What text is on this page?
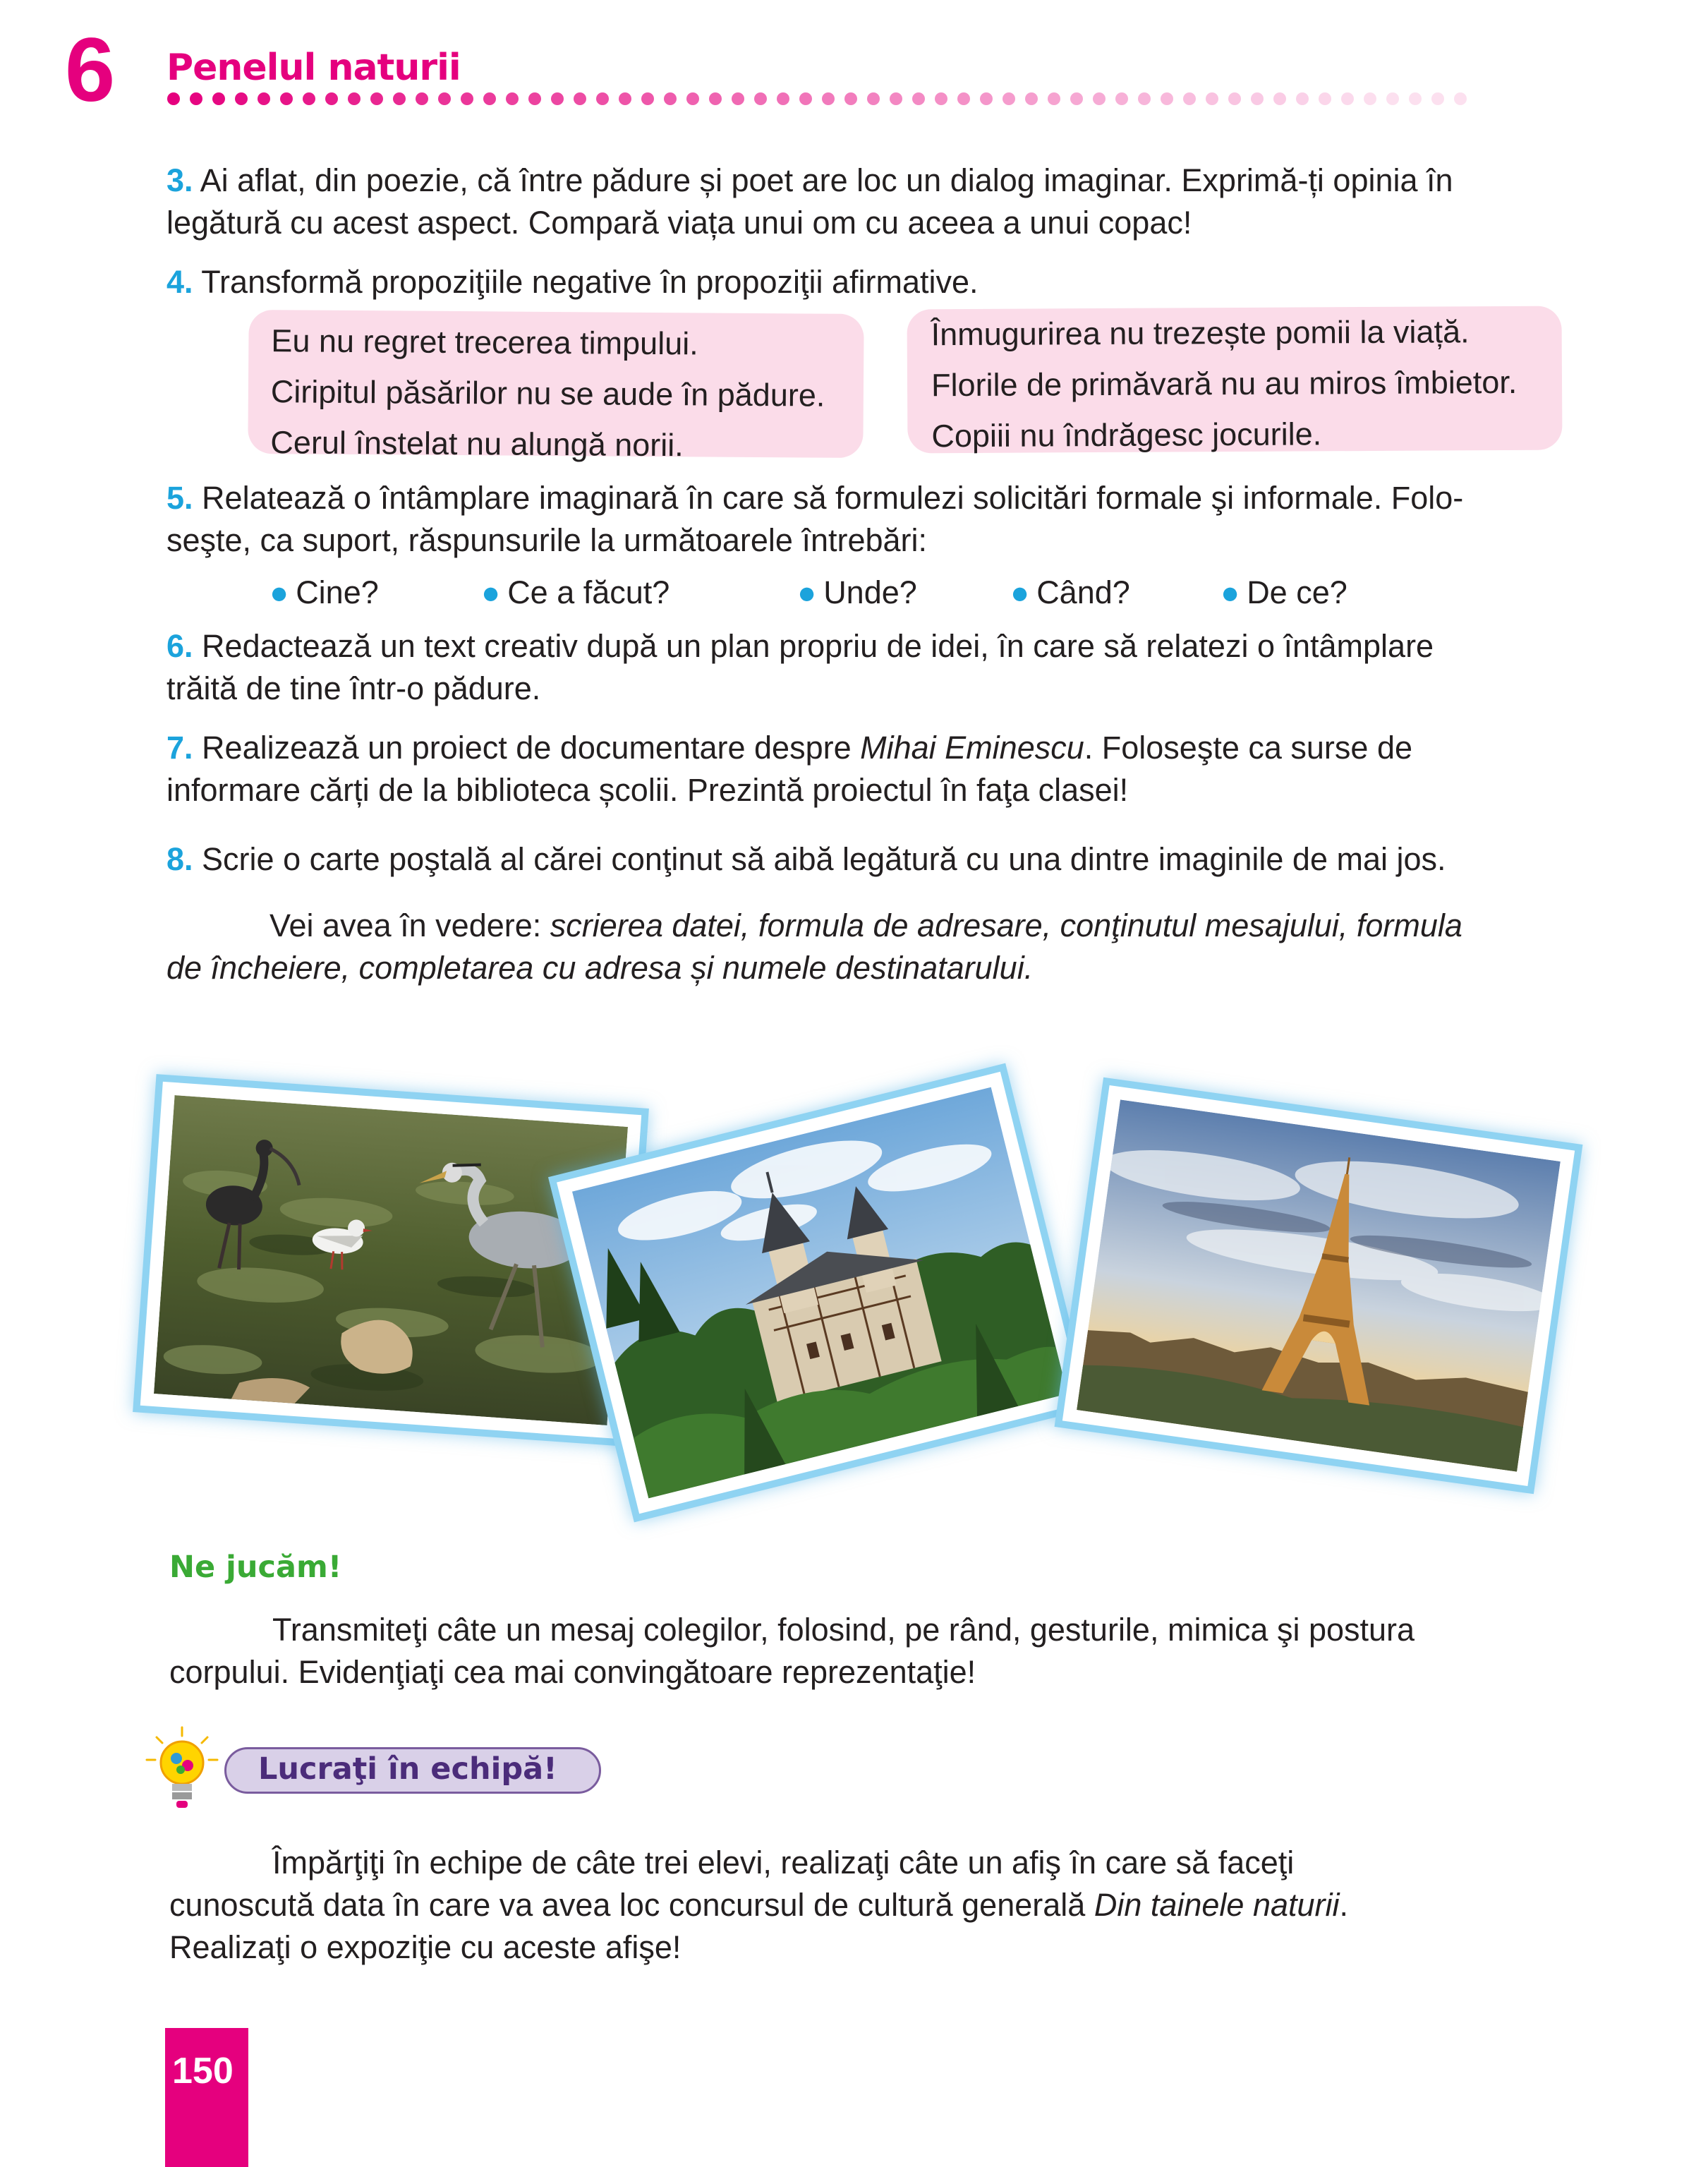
6 Penelul naturii
3. Ai aflat, din poezie, că între pădure și poet are loc un dialog imaginar. Exprimă-ți opinia în
legătură cu acest aspect. Compară viața unui om cu aceea a unui copac!
4. Transformă propoziţiile negative în propoziţii afirmative.

Eu nu regret trecerea timpului.

Ciripitul păsărilor nu se aude în pădure.

Cerul înstelat nu alungă norii.

Înmugurirea nu trezește pomii la viață.

Florile de primăvară nu au miros îmbietor.

Copiii nu îndrăgesc jocurile.

5. Relatează o întâmplare imaginară în care să formulezi solicitări formale şi informale. Folo-
seşte, ca suport, răspunsurile la următoarele întrebări:
● Cine?	● Ce a făcut?	● Unde?	● Când?	● De ce?
6. Redactează un text creativ după un plan propriu de idei, în care să relatezi o întâmplare
trăită de tine într-o pădure.
7. Realizează un proiect de documentare despre Mihai Eminescu. Foloseşte ca surse de
informare cărți de la biblioteca școlii. Prezintă proiectul în faţa clasei!
8. Scrie o carte poştală al cărei conţinut să aibă legătură cu una dintre imaginile de mai jos.
Vei avea în vedere: scrierea datei, formula de adresare, conţinutul mesajului, formula
de încheiere, completarea cu adresa și numele destinatarului.
Ne jucăm!
Transmiteţi câte un mesaj colegilor, folosind, pe rând, gesturile, mimica şi postura
corpului. Evidenţiaţi cea mai convingătoare reprezentaţie!
Lucraţi în echipă!
Împărţiţi în echipe de câte trei elevi, realizaţi câte un afiş în care să faceţi
cunoscută data în care va avea loc concursul de cultură generală Din tainele naturii.
Realizaţi o expoziţie cu aceste afişe!
150
